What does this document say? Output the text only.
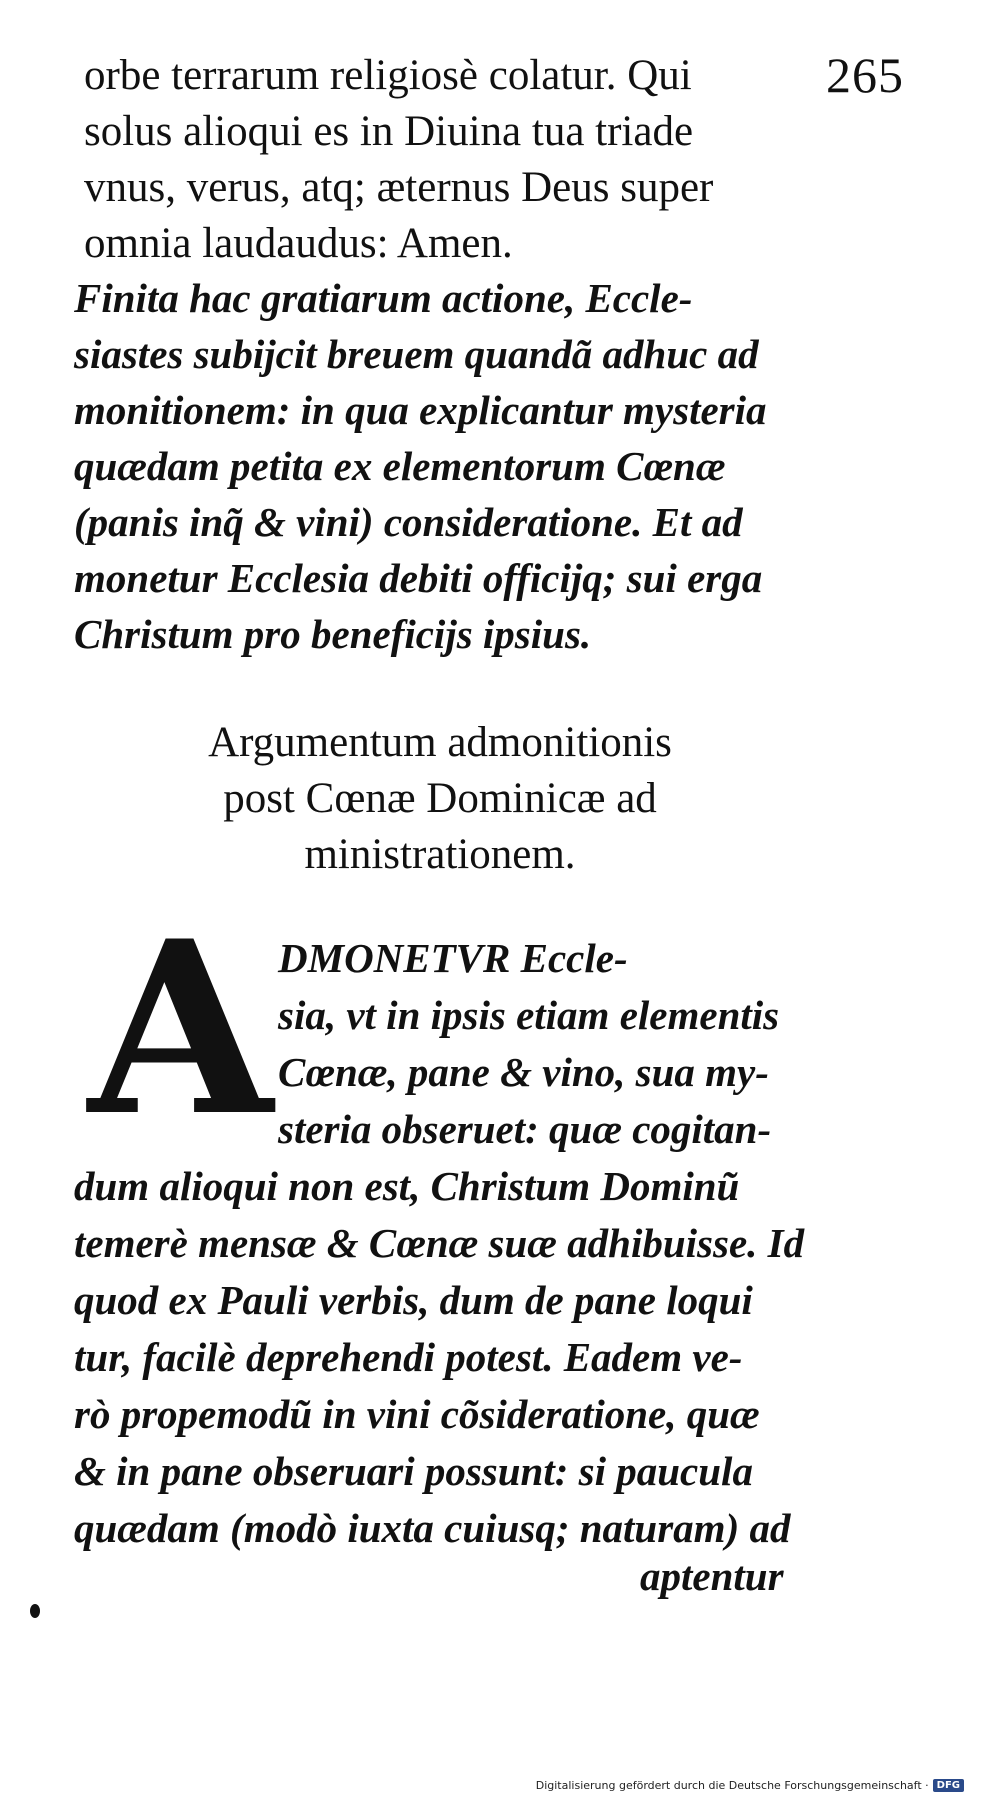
265
orbe terrarum religiosè colatur. Qui
solus alioqui es in Diuina tua triade
vnus, verus, atq; æternus Deus super
omnia laudaudus: Amen.
Finita hac gratiarum actione, Eccle-
siastes subijcit breuem quandã adhuc ad
monitionem: in qua explicantur mysteria
quædam petita ex elementorum Cœnæ
(panis inq̃ & vini) consideratione. Et ad
monetur Ecclesia debiti officijq; sui erga
Christum pro beneficijs ipsius.
Argumentum admonitionis
post Cœnæ Dominicæ ad
ministrationem.
A DMONETVR Eccle-
sia, vt in ipsis etiam elementis
Cœnæ, pane & vino, sua my-
steria obseruet: quæ cogitan-
dum alioqui non est, Christum Dominũ
temerè mensæ & Cœnæ suæ adhibuisse. Id
quod ex Pauli verbis, dum de pane loqui
tur, facilè deprehendi potest. Eadem ve-
rò propemodũ in vini cõsideratione, quæ
& in pane obseruari possunt: si paucula
quædam (modò iuxta cuiusq; naturam) ad
aptentur
Digitalisierung gefördert durch die Deutsche Forschungsgemeinschaft · DFG
